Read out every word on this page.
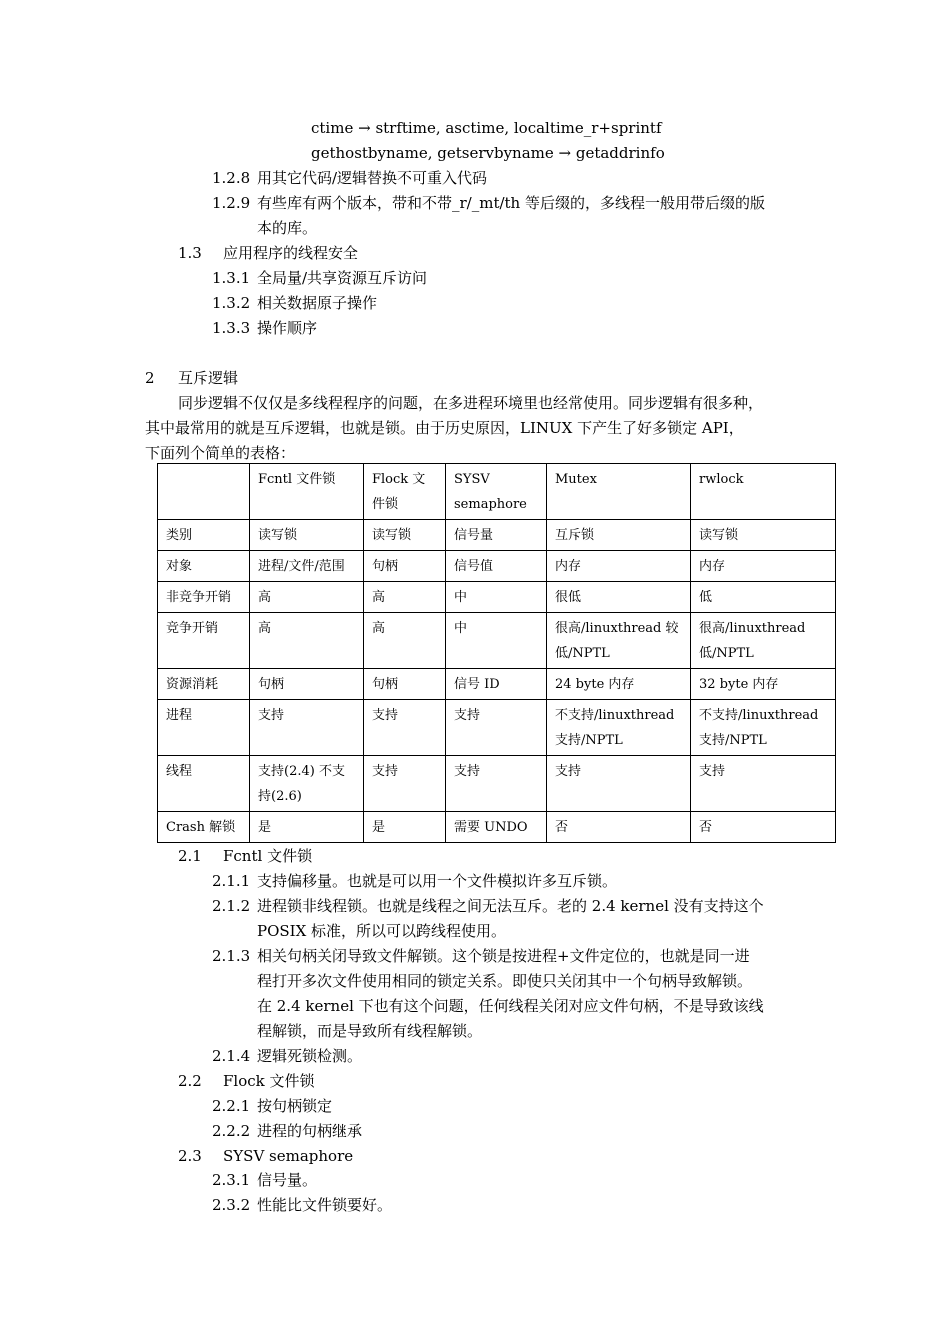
ctime → strftime, asctime, localtime_r+sprintf
gethostbyname, getservbyname → getaddrinfo
1.2.8 用其它代码/逻辑替换不可重入代码
1.2.9 有些库有两个版本，带和不带_r/_mt/th 等后缀的，多线程一般用带后缀的版
本的库。
1.3 应用程序的线程安全
1.3.1 全局量/共享资源互斥访问
1.3.2 相关数据原子操作
1.3.3 操作顺序
2 互斥逻辑
同步逻辑不仅仅是多线程程序的问题，在多进程环境里也经常使用。同步逻辑有很多种，
其中最常用的就是互斥逻辑，也就是锁。由于历史原因，LINUX 下产生了好多锁定 API，
下面列个简单的表格：
	Fcntl 文件锁	Flock 文件锁	SYSV semaphore	Mutex	rwlock
类别	读写锁	读写锁	信号量	互斥锁	读写锁
对象	进程/文件/范围	句柄	信号值	内存	内存
非竞争开销	高	高	中	很低	低
竞争开销	高	高	中	很高/linuxthread 较低/NPTL	很高/linuxthread 低/NPTL
资源消耗	句柄	句柄	信号 ID	24 byte 内存	32 byte 内存
进程	支持	支持	支持	不支持/linuxthread 支持/NPTL	不支持/linuxthread 支持/NPTL
线程	支持(2.4) 不支持(2.6)	支持	支持	支持	支持
Crash 解锁	是	是	需要 UNDO	否	否
2.1 Fcntl 文件锁
2.1.1 支持偏移量。也就是可以用一个文件模拟许多互斥锁。
2.1.2 进程锁非线程锁。也就是线程之间无法互斥。老的 2.4 kernel 没有支持这个
POSIX 标准，所以可以跨线程使用。
2.1.3 相关句柄关闭导致文件解锁。这个锁是按进程+文件定位的，也就是同一进
程打开多次文件使用相同的锁定关系。即使只关闭其中一个句柄导致解锁。
在 2.4 kernel 下也有这个问题，任何线程关闭对应文件句柄，不是导致该线
程解锁，而是导致所有线程解锁。
2.1.4 逻辑死锁检测。
2.2 Flock 文件锁
2.2.1 按句柄锁定
2.2.2 进程的句柄继承
2.3 SYSV semaphore
2.3.1 信号量。
2.3.2 性能比文件锁要好。
